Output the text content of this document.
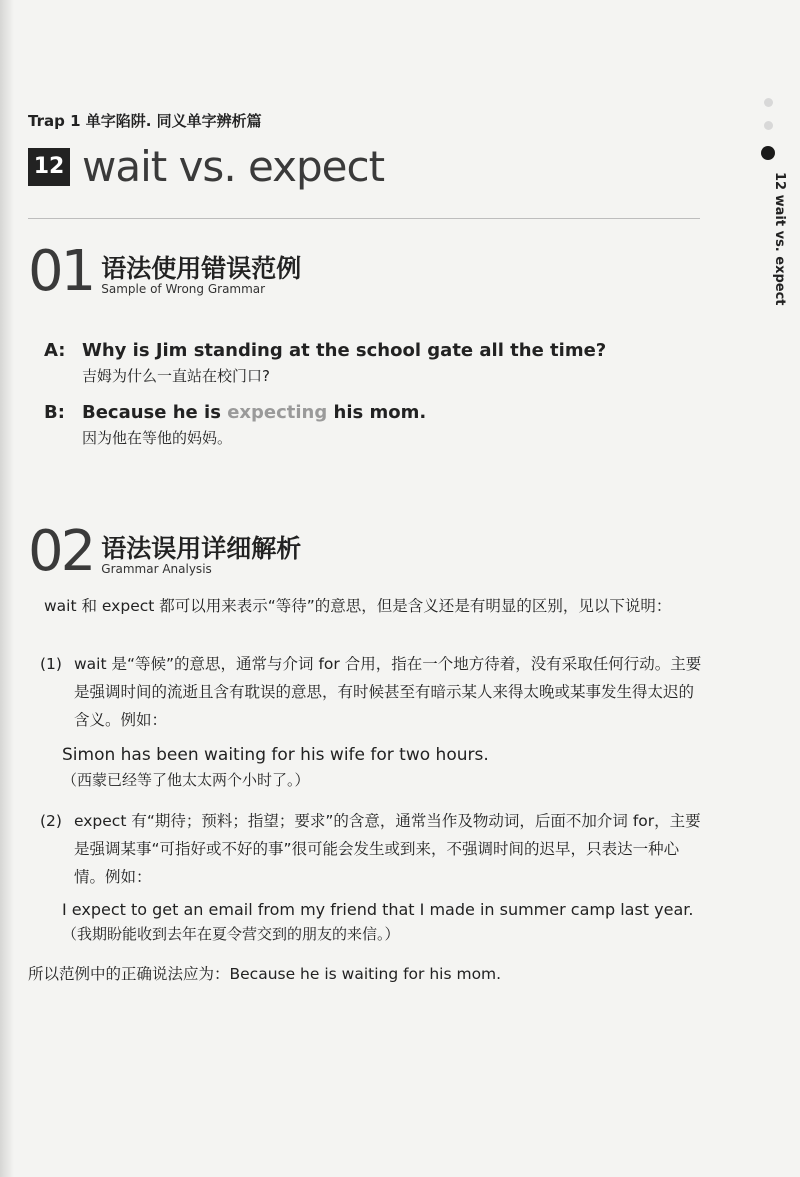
Trap 1 单字陷阱. 同义单字辨析篇
12 wait vs. expect
12 wait vs. expect
01 语法使用错误范例
Sample of Wrong Grammar
A: Why is Jim standing at the school gate all the time?
吉姆为什么一直站在校门口?
B: Because he is expecting his mom.
因为他在等他的妈妈。
02 语法误用详细解析
Grammar Analysis
wait 和 expect 都可以用来表示“等待”的意思，但是含义还是有明显的区别，见以下说明：
(1) wait 是“等候”的意思，通常与介词 for 合用，指在一个地方待着，没有采取任何行动。主要是强调时间的流逝且含有耽误的意思，有时候甚至有暗示某人来得太晚或某事发生得太迟的含义。例如：
Simon has been waiting for his wife for two hours.
（西蒙已经等了他太太两个小时了。）
(2) expect 有“期待；预料；指望；要求”的含意，通常当作及物动词，后面不加介词 for，主要是强调某事“可指好或不好的事”很可能会发生或到来，不强调时间的迟早，只表达一种心情。例如：
I expect to get an email from my friend that I made in summer camp last year.
（我期盼能收到去年在夏令营交到的朋友的来信。）
所以范例中的正确说法应为：Because he is waiting for his mom.
